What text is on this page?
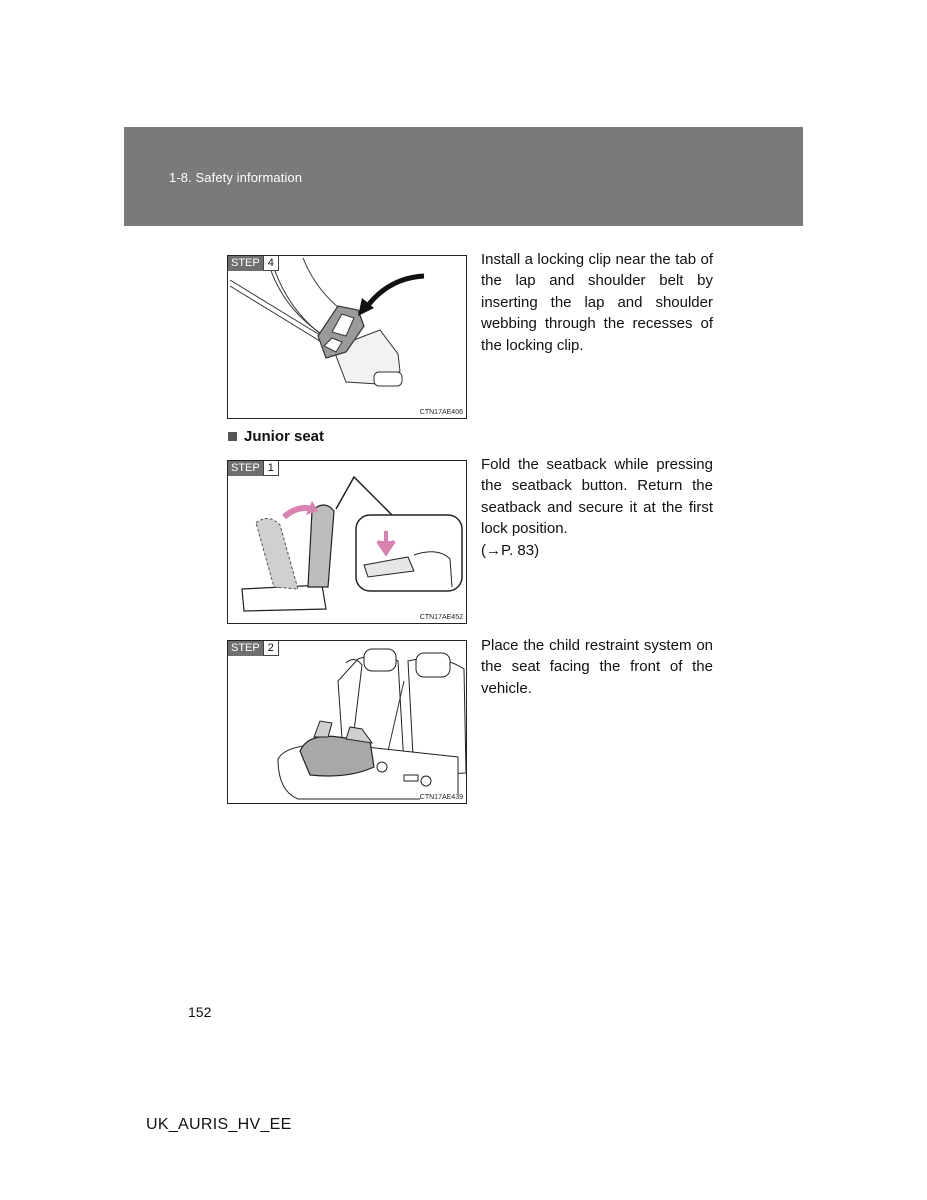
1-8. Safety information
STEP 4
CTN17AE406
Install a locking clip near the tab of the lap and shoulder belt by inserting the lap and shoulder webbing through the recesses of the locking clip.
Junior seat
STEP 1
CTN17AE452
Fold the seatback while pressing the seatback button. Return the seatback and secure it at the first lock position.
(→P. 83)
STEP 2
CTN17AE439
Place the child restraint system on the seat facing the front of the vehicle.
152
UK_AURIS_HV_EE
